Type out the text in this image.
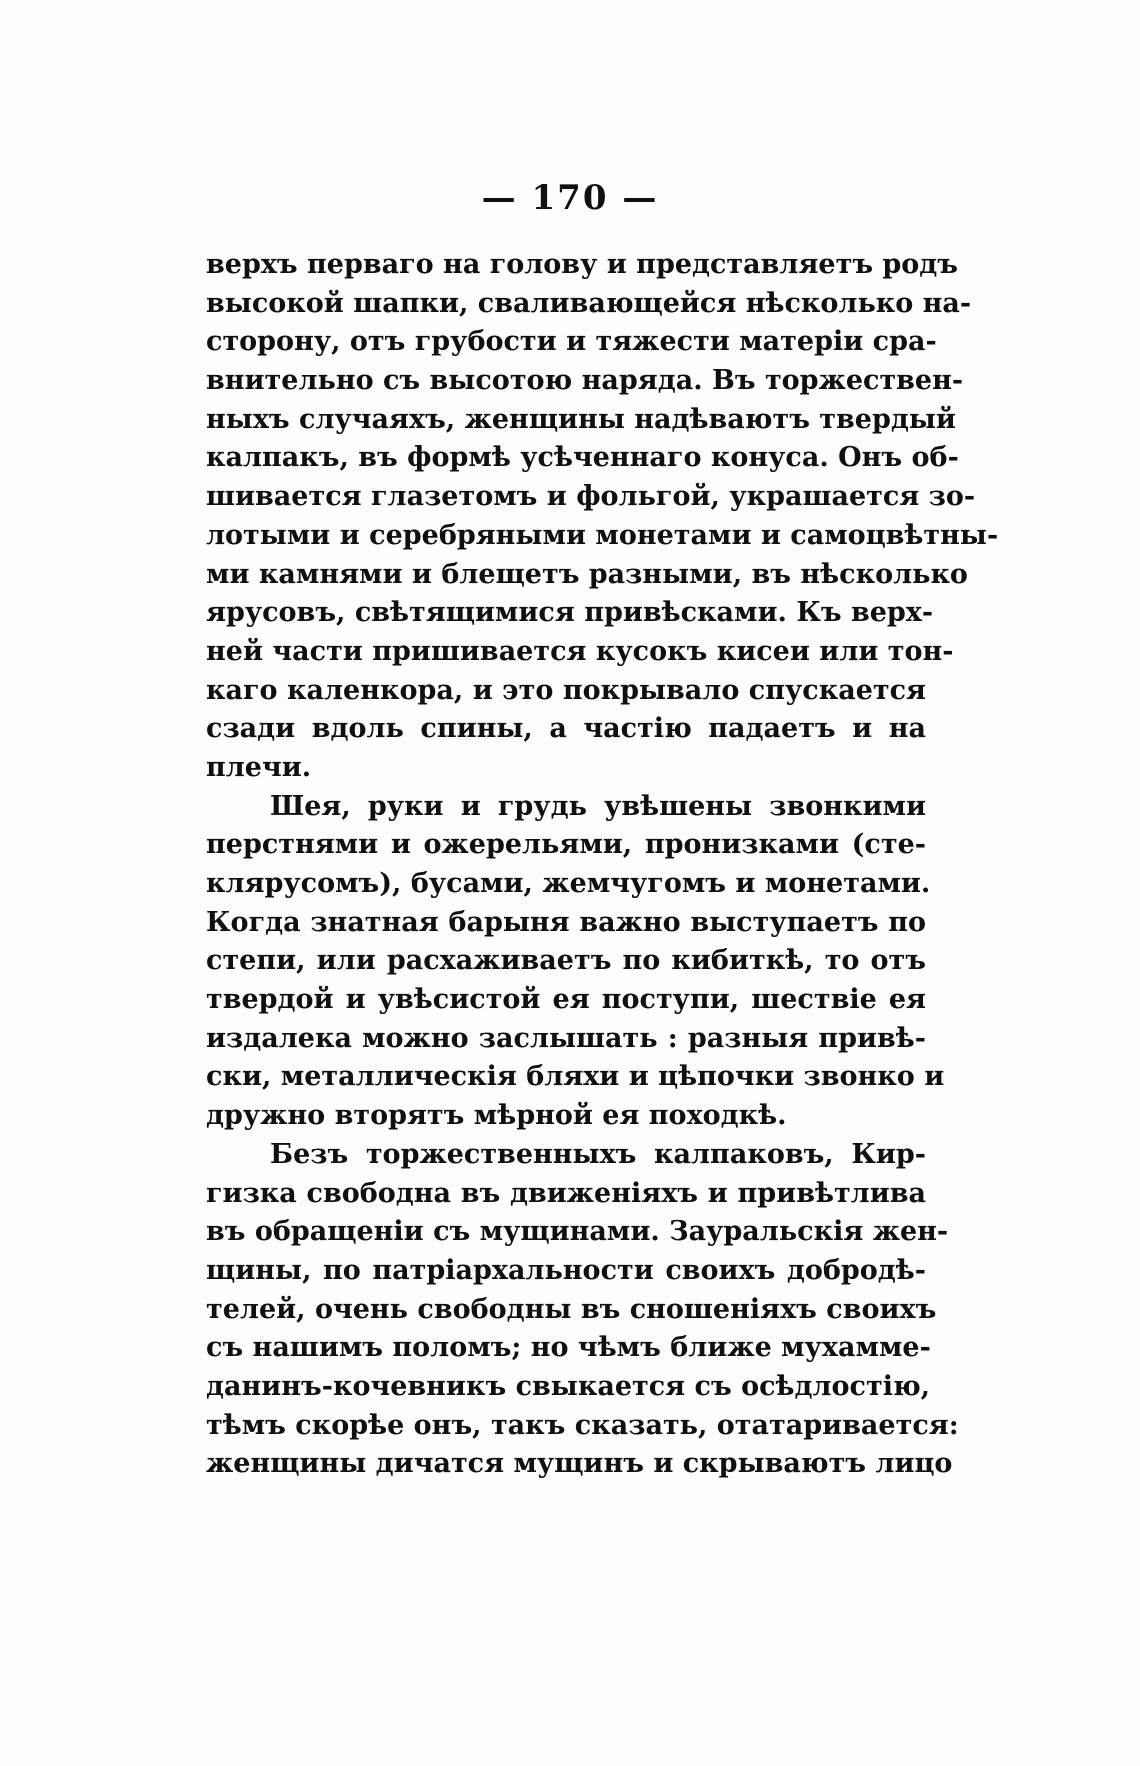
— 170 —
верхъ перваго на голову и представляетъ родъ
высокой шапки, сваливающейся нѣсколько на-
сторону, отъ грубости и тяжести матеріи сра-
внительно съ высотою наряда. Въ торжествен-
ныхъ случаяхъ, женщины надѣваютъ твердый
калпакъ, въ формѣ усѣченнаго конуса. Онъ об-
шивается глазетомъ и фольгой, украшается зо-
лотыми и серебряными монетами и самоцвѣтны-
ми камнями и блещетъ разными, въ нѣсколько
ярусовъ, свѣтящимися привѣсками. Къ верх-
ней части пришивается кусокъ кисеи или тон-
каго каленкора, и это покрывало спускается
сзади вдоль спины, а частію падаетъ и на
плечи.
Шея, руки и грудь увѣшены звонкими
перстнями и ожерельями, пронизками (сте-
клярусомъ), бусами, жемчугомъ и монетами.
Когда знатная барыня важно выступаетъ по
степи, или расхаживаетъ по кибиткѣ, то отъ
твердой и увѣсистой ея поступи, шествіе ея
издалека можно заслышать : разныя привѣ-
ски, металлическія бляхи и цѣпочки звонко и
дружно вторятъ мѣрной ея походкѣ.
Безъ торжественныхъ калпаковъ, Кир-
гизка свободна въ движеніяхъ и привѣтлива
въ обращеніи съ мущинами. Зауральскія жен-
щины, по патріархальности своихъ добродѣ-
телей, очень свободны въ сношеніяхъ своихъ
съ нашимъ поломъ; но чѣмъ ближе мухамме-
данинъ-кочевникъ свыкается съ осѣдлостію,
тѣмъ скорѣе онъ, такъ сказать, отатаривается:
женщины дичатся мущинъ и скрываютъ лицо
